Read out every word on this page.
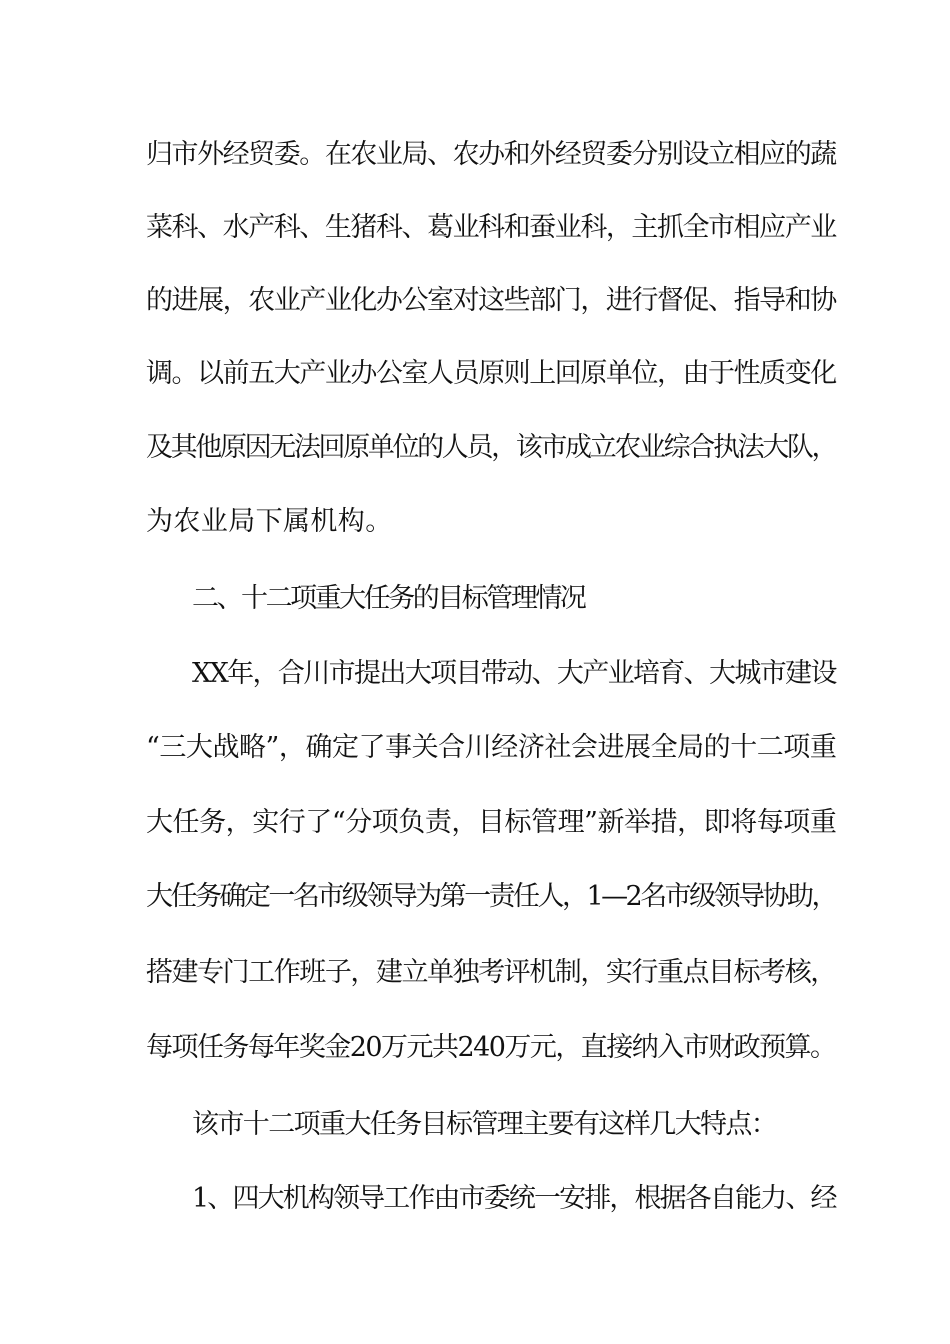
归市外经贸委。在农业局、农办和外经贸委分别设立相应的蔬
菜科、水产科、生猪科、葛业科和蚕业科，主抓全市相应产业
的进展，农业产业化办公室对这些部门，进行督促、指导和协
调。以前五大产业办公室人员原则上回原单位，由于性质变化
及其他原因无法回原单位的人员，该市成立农业综合执法大队，
为农业局下属机构。
二、十二项重大任务的目标管理情况
XX年，合川市提出大项目带动、大产业培育、大城市建设
“三大战略”，确定了事关合川经济社会进展全局的十二项重
大任务，实行了“分项负责，目标管理”新举措，即将每项重
大任务确定一名市级领导为第一责任人，1—2名市级领导协助，
搭建专门工作班子，建立单独考评机制，实行重点目标考核，
每项任务每年奖金20万元共240万元，直接纳入市财政预算。
该市十二项重大任务目标管理主要有这样几大特点：
1、四大机构领导工作由市委统一安排，根据各自能力、经
